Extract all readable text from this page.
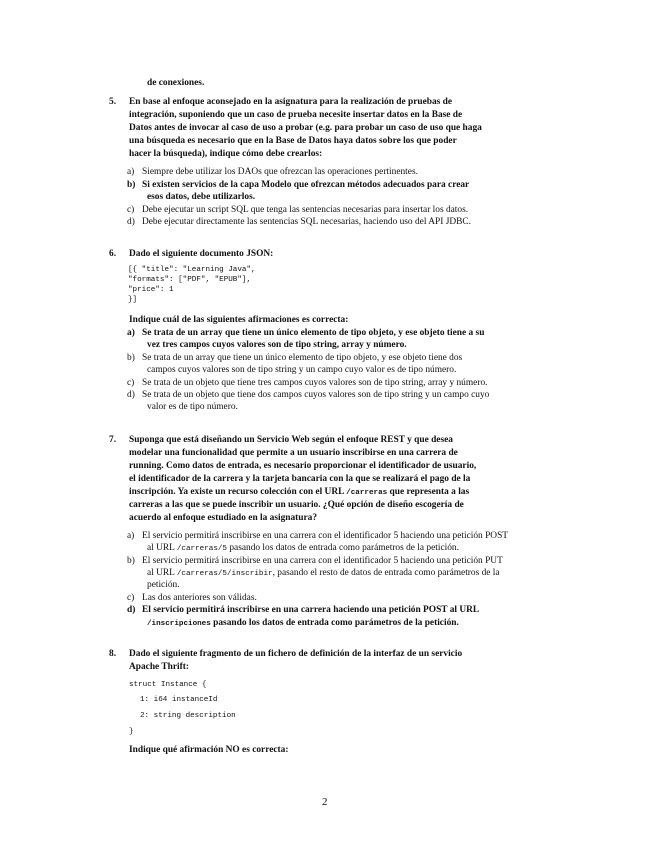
de conexiones.
5. En base al enfoque aconsejado en la asignatura para la realización de pruebas de
integración, suponiendo que un caso de prueba necesite insertar datos en la Base de
Datos antes de invocar al caso de uso a probar (e.g. para probar un caso de uso que haga
una búsqueda es necesario que en la Base de Datos haya datos sobre los que poder
hacer la búsqueda), indique cómo debe crearlos:
a) Siempre debe utilizar los DAOs que ofrezcan las operaciones pertinentes.
b) Si existen servicios de la capa Modelo que ofrezcan métodos adecuados para crear
esos datos, debe utilizarlos.
c) Debe ejecutar un script SQL que tenga las sentencias necesarias para insertar los datos.
d) Debe ejecutar directamente las sentencias SQL necesarias, haciendo uso del API JDBC.
6. Dado el siguiente documento JSON:
[{ "title": "Learning Java",
"formats": ["PDF", "EPUB"],
"price": 1
}]
Indique cuál de las siguientes afirmaciones es correcta:
a) Se trata de un array que tiene un único elemento de tipo objeto, y ese objeto tiene a su
vez tres campos cuyos valores son de tipo string, array y número.
b) Se trata de un array que tiene un único elemento de tipo objeto, y ese objeto tiene dos
campos cuyos valores son de tipo string y un campo cuyo valor es de tipo número.
c) Se trata de un objeto que tiene tres campos cuyos valores son de tipo string, array y número.
d) Se trata de un objeto que tiene dos campos cuyos valores son de tipo string y un campo cuyo
valor es de tipo número.
7. Suponga que está diseñando un Servicio Web según el enfoque REST y que desea
modelar una funcionalidad que permite a un usuario inscribirse en una carrera de
running. Como datos de entrada, es necesario proporcionar el identificador de usuario,
el identificador de la carrera y la tarjeta bancaria con la que se realizará el pago de la
inscripción. Ya existe un recurso colección con el URL /carreras que representa a las
carreras a las que se puede inscribir un usuario. ¿Qué opción de diseño escogería de
acuerdo al enfoque estudiado en la asignatura?
a) El servicio permitirá inscribirse en una carrera con el identificador 5 haciendo una petición POST
al URL /carreras/5 pasando los datos de entrada como parámetros de la petición.
b) El servicio permitirá inscribirse en una carrera con el identificador 5 haciendo una petición PUT
al URL /carreras/5/inscribir, pasando el resto de datos de entrada como parámetros de la
petición.
c) Las dos anteriores son válidas.
d) El servicio permitirá inscribirse en una carrera haciendo una petición POST al URL
/inscripciones pasando los datos de entrada como parámetros de la petición.
8. Dado el siguiente fragmento de un fichero de definición de la interfaz de un servicio
Apache Thrift:
struct Instance {
1: i64 instanceId
2: string description
}
Indique qué afirmación NO es correcta:
2
